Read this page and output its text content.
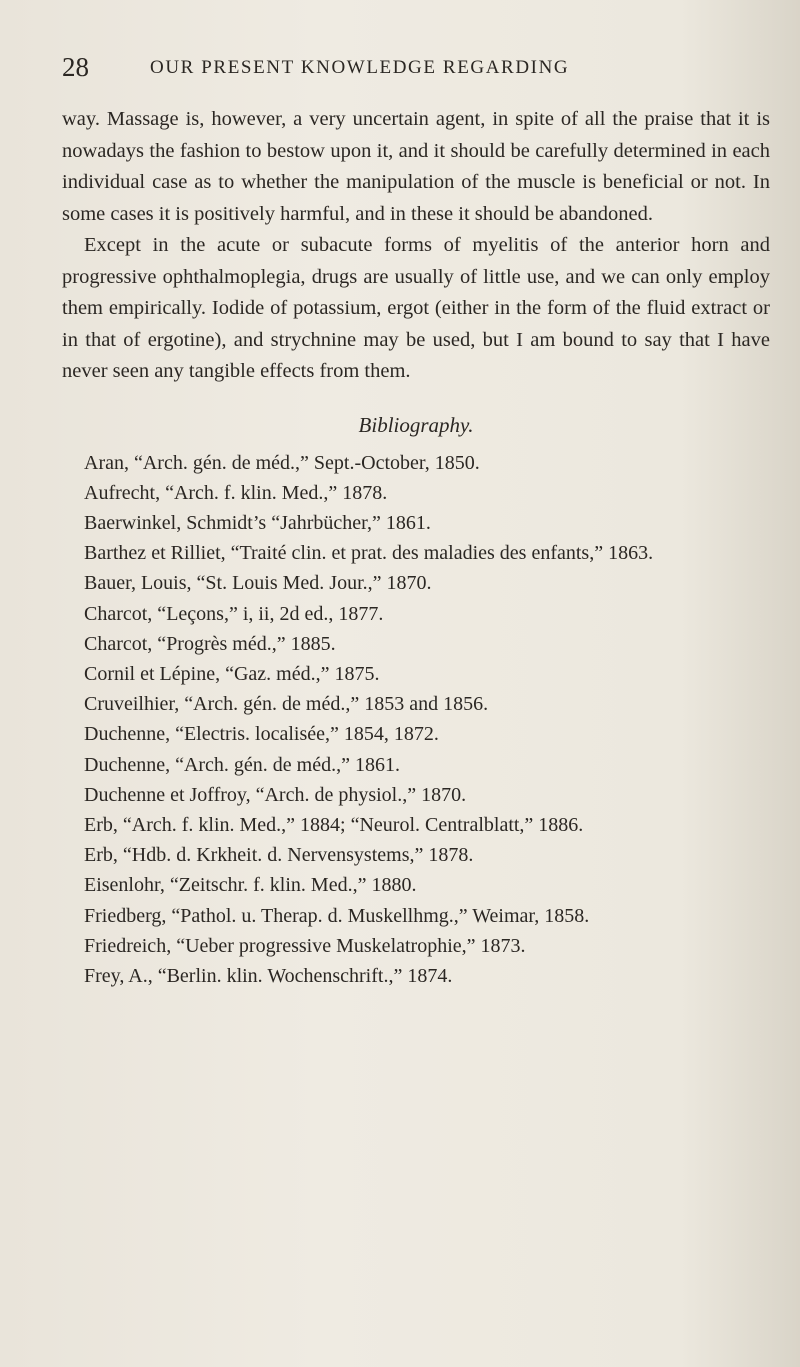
28	OUR PRESENT KNOWLEDGE REGARDING

way. Massage is, however, a very uncertain agent, in spite of all the praise that it is nowadays the fashion to bestow upon it, and it should be carefully determined in each individual case as to whether the manipulation of the muscle is beneficial or not. In some cases it is positively harmful, and in these it should be abandoned.

Except in the acute or subacute forms of myelitis of the anterior horn and progressive ophthalmoplegia, drugs are usually of little use, and we can only employ them empirically. Iodide of potassium, ergot (either in the form of the fluid extract or in that of ergotine), and strychnine may be used, but I am bound to say that I have never seen any tangible effects from them.

Bibliography.
Aran, “Arch. gén. de méd.,” Sept.-October, 1850.
Aufrecht, “Arch. f. klin. Med.,” 1878.
Baerwinkel, Schmidt’s “Jahrbücher,” 1861.
Barthez et Rilliet, “Traité clin. et prat. des maladies des enfants,” 1863.
Bauer, Louis, “St. Louis Med. Jour.,” 1870.
Charcot, “Leçons,” i, ii, 2d ed., 1877.
Charcot, “Progrès méd.,” 1885.
Cornil et Lépine, “Gaz. méd.,” 1875.
Cruveilhier, “Arch. gén. de méd.,” 1853 and 1856.
Duchenne, “Electris. localisée,” 1854, 1872.
Duchenne, “Arch. gén. de méd.,” 1861.
Duchenne et Joffroy, “Arch. de physiol.,” 1870.
Erb, “Arch. f. klin. Med.,” 1884; “Neurol. Centralblatt,” 1886.
Erb, “Hdb. d. Krkheit. d. Nervensystems,” 1878.
Eisenlohr, “Zeitschr. f. klin. Med.,” 1880.
Friedberg, “Pathol. u. Therap. d. Muskellhmg.,” Weimar, 1858.
Friedreich, “Ueber progressive Muskelatrophie,” 1873.
Frey, A., “Berlin. klin. Wochenschrift.,” 1874.
